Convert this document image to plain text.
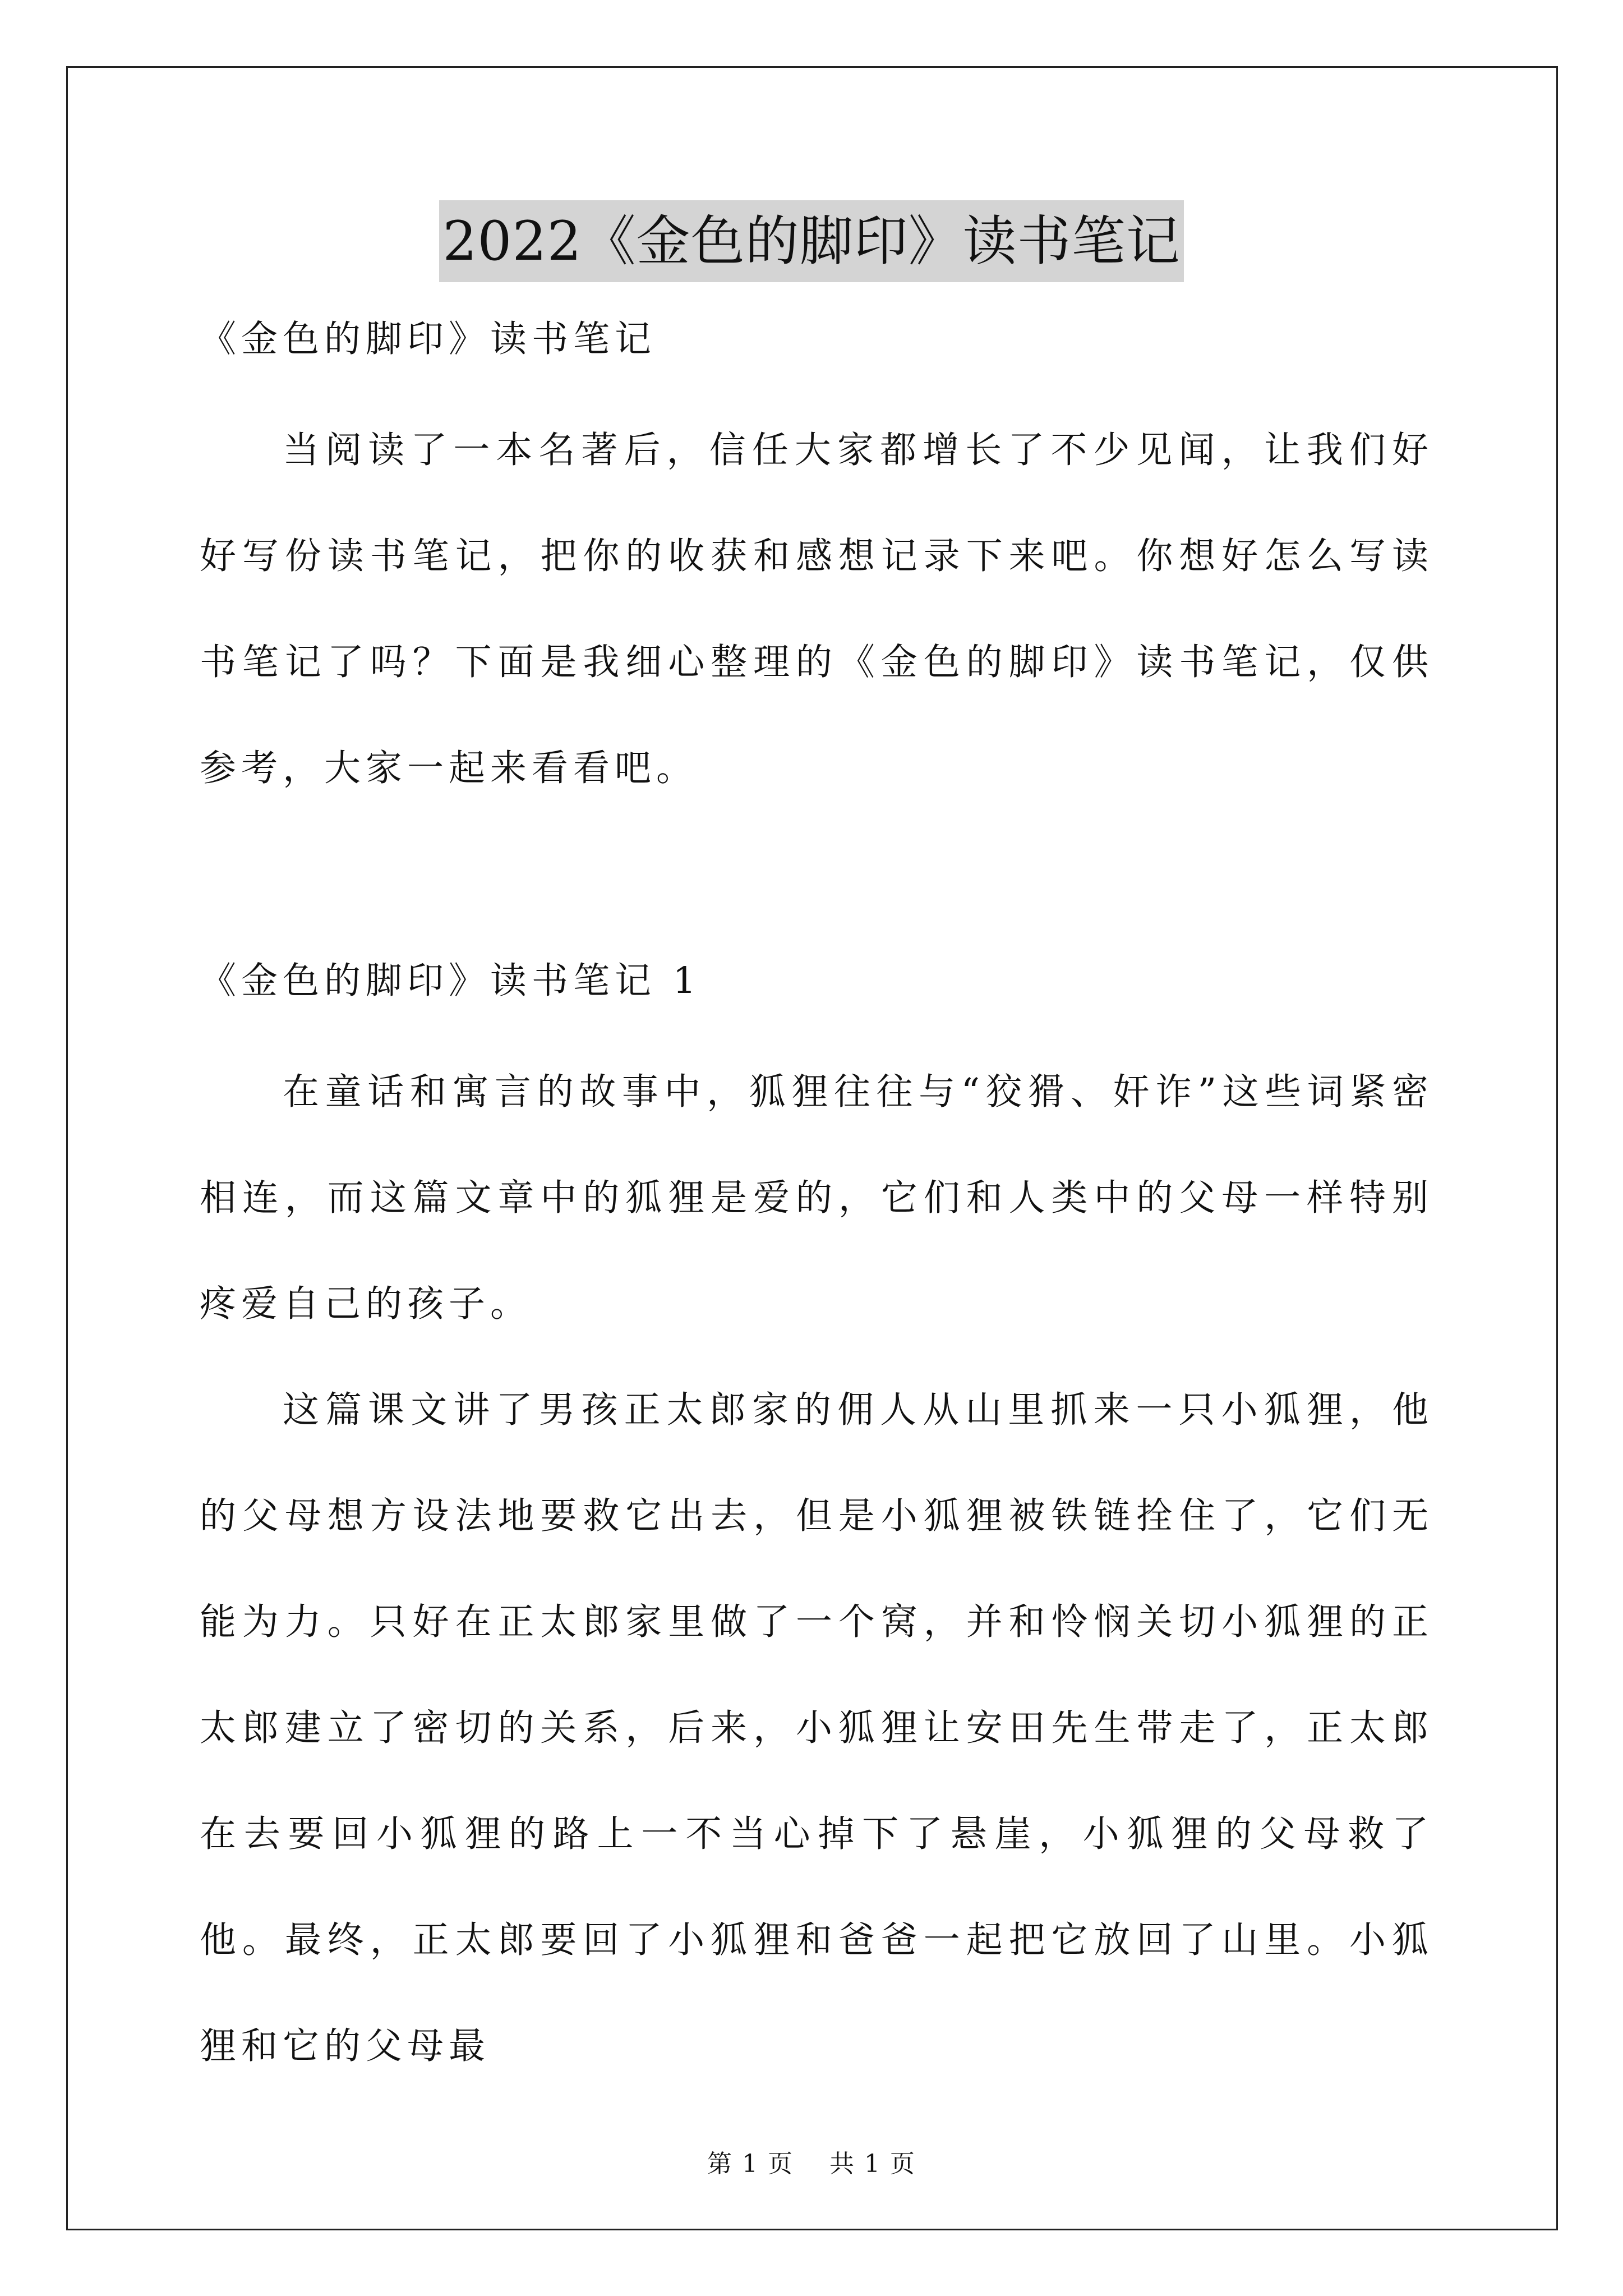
2022《金色的脚印》读书笔记

《金色的脚印》读书笔记

当阅读了一本名著后，信任大家都增长了不少见闻，让我们好好写份读书笔记，把你的收获和感想记录下来吧。你想好怎么写读书笔记了吗？下面是我细心整理的《金色的脚印》读书笔记，仅供参考，大家一起来看看吧。

《金色的脚印》读书笔记 1

在童话和寓言的故事中，狐狸往往与“狡猾、奸诈”这些词紧密相连，而这篇文章中的狐狸是爱的，它们和人类中的父母一样特别疼爱自己的孩子。

这篇课文讲了男孩正太郎家的佣人从山里抓来一只小狐狸，他的父母想方设法地要救它出去，但是小狐狸被铁链拴住了，它们无能为力。只好在正太郎家里做了一个窝，并和怜悯关切小狐狸的正太郎建立了密切的关系，后来，小狐狸让安田先生带走了，正太郎在去要回小狐狸的路上一不当心掉下了悬崖，小狐狸的父母救了他。最终，正太郎要回了小狐狸和爸爸一起把它放回了山里。小狐狸和它的父母最

第 1 页    共 1 页
